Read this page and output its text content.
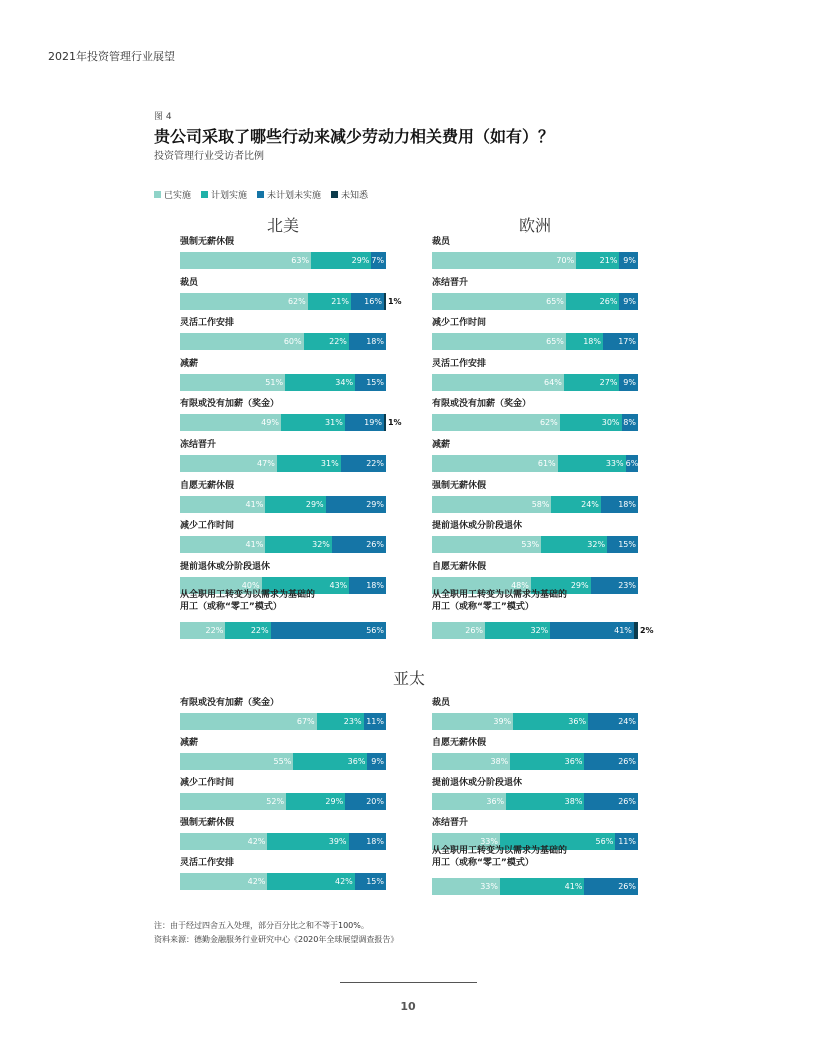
2021年投资管理行业展望
图 4
贵公司采取了哪些行动来减少劳动力相关费用（如有）？
投资管理行业受访者比例
已实施 计划实施 未计划未实施 未知悉
北美	欧洲
亚太
强制无薪休假
63%	29% 7%
裁员
62%	21%	16% 1%
灵活工作安排
60%	22%	18%
减薪
51%	34%	15%
有限或没有加薪（奖金）
49%	31%	19% 1%
冻结晋升
47%	31%	22%
自愿无薪休假
41%	29%	29%
减少工作时间
41%	32%	26%
提前退休或分阶段退休
40%	43%	18%
从全职用工转变为以需求为基础的
用工（或称“零工”模式）
22%	22%	56%
裁员
70%	21% 9%
冻结晋升
65%	26% 9%
减少工作时间
65%	18%	17%
灵活工作安排
64%	27% 9%
有限或没有加薪（奖金）
62%	30% 8%
减薪
61%	33% 6%
强制无薪休假
58%	24%	18%
提前退休或分阶段退休
53%	32%	15%
自愿无薪休假
48%	29%	23%
从全职用工转变为以需求为基础的
用工（或称“零工”模式）
26%	32%	41% 2%
有限或没有加薪（奖金）
67%	23% 11%
减薪
55%	36% 9%
减少工作时间
52%	29%	20%
强制无薪休假
42%	39%	18%
灵活工作安排
42%	42%	15%
裁员
39%	36%	24%
自愿无薪休假
38%	36%	26%
提前退休或分阶段退休
36%	38%	26%
冻结晋升
33%	56% 11%
从全职用工转变为以需求为基础的
用工（或称“零工”模式）
33%	41%	26%
注：由于经过四舍五入处理，部分百分比之和不等于100%。
资料来源：德勤金融服务行业研究中心《2020年全球展望调查报告》
10
